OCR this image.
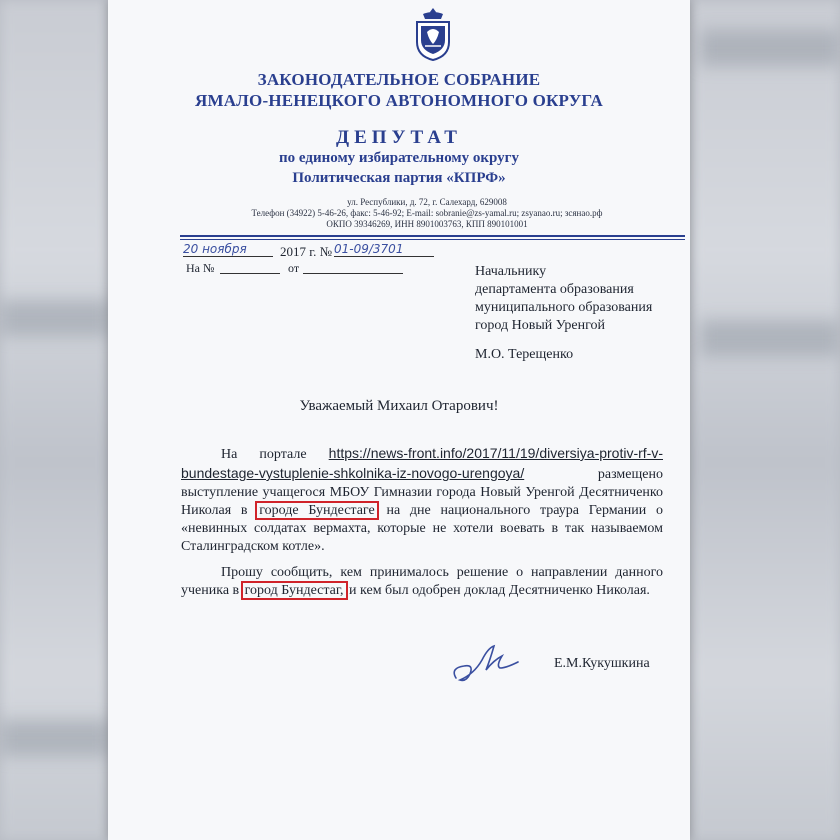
ЗАКОНОДАТЕЛЬНОЕ СОБРАНИЕ
ЯМАЛО-НЕНЕЦКОГО АВТОНОМНОГО ОКРУГА
ДЕПУТАТ
по единому избирательному округу
Политическая партия «КПРФ»
ул. Республики, д. 72, г. Салехард, 629008
Телефон (34922) 5-46-26, факс: 5-46-92; E-mail: sobranie@zs-yamal.ru; zsyanao.ru; зсянао.рф
ОКПО 39346269, ИНН 8901003763, КПП 890101001
20 ноября	2017 г. № 01-09/3701
На №	от	Начальнику
департамента образования
муниципального образования
город Новый Уренгой
М.О. Терещенко
Уважаемый Михаил Отарович!

На портале https://news-front.info/2017/11/19/diversiya-protiv-rf-v-bundestage-vystuplenie-shkolnika-iz-novogo-urengoya/ размещено выступление учащегося МБОУ Гимназии города Новый Уренгой Десятниченко Николая в городе Бундестаге на дне национального траура Германии о «невинных солдатах вермахта, которые не хотели воевать в так называемом Сталинградском котле».

Прошу сообщить, кем принималось решение о направлении данного ученика в город Бундестаг, и кем был одобрен доклад Десятниченко Николая.

Е.М.Кукушкина
